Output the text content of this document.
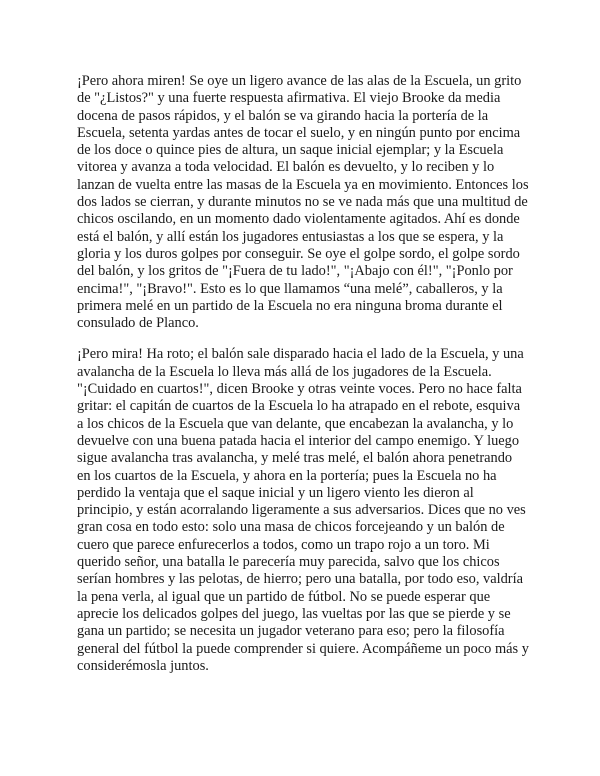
¡Pero ahora miren! Se oye un ligero avance de las alas de la Escuela, un grito de "¿Listos?" y una fuerte respuesta afirmativa. El viejo Brooke da media docena de pasos rápidos, y el balón se va girando hacia la portería de la Escuela, setenta yardas antes de tocar el suelo, y en ningún punto por encima de los doce o quince pies de altura, un saque inicial ejemplar; y la Escuela vitorea y avanza a toda velocidad. El balón es devuelto, y lo reciben y lo lanzan de vuelta entre las masas de la Escuela ya en movimiento. Entonces los dos lados se cierran, y durante minutos no se ve nada más que una multitud de chicos oscilando, en un momento dado violentamente agitados. Ahí es donde está el balón, y allí están los jugadores entusiastas a los que se espera, y la gloria y los duros golpes por conseguir. Se oye el golpe sordo, el golpe sordo del balón, y los gritos de "¡Fuera de tu lado!", "¡Abajo con él!", "¡Ponlo por encima!", "¡Bravo!". Esto es lo que llamamos “una melé”, caballeros, y la primera melé en un partido de la Escuela no era ninguna broma durante el consulado de Planco.

¡Pero mira! Ha roto; el balón sale disparado hacia el lado de la Escuela, y una avalancha de la Escuela lo lleva más allá de los jugadores de la Escuela. "¡Cuidado en cuartos!", dicen Brooke y otras veinte voces. Pero no hace falta gritar: el capitán de cuartos de la Escuela lo ha atrapado en el rebote, esquiva a los chicos de la Escuela que van delante, que encabezan la avalancha, y lo devuelve con una buena patada hacia el interior del campo enemigo. Y luego sigue avalancha tras avalancha, y melé tras melé, el balón ahora penetrando en los cuartos de la Escuela, y ahora en la portería; pues la Escuela no ha perdido la ventaja que el saque inicial y un ligero viento les dieron al principio, y están acorralando ligeramente a sus adversarios. Dices que no ves gran cosa en todo esto: solo una masa de chicos forcejeando y un balón de cuero que parece enfurecerlos a todos, como un trapo rojo a un toro. Mi querido señor, una batalla le parecería muy parecida, salvo que los chicos serían hombres y las pelotas, de hierro; pero una batalla, por todo eso, valdría la pena verla, al igual que un partido de fútbol. No se puede esperar que aprecie los delicados golpes del juego, las vueltas por las que se pierde y se gana un partido; se necesita un jugador veterano para eso; pero la filosofía general del fútbol la puede comprender si quiere. Acompáñeme un poco más y considerémosla juntos.
